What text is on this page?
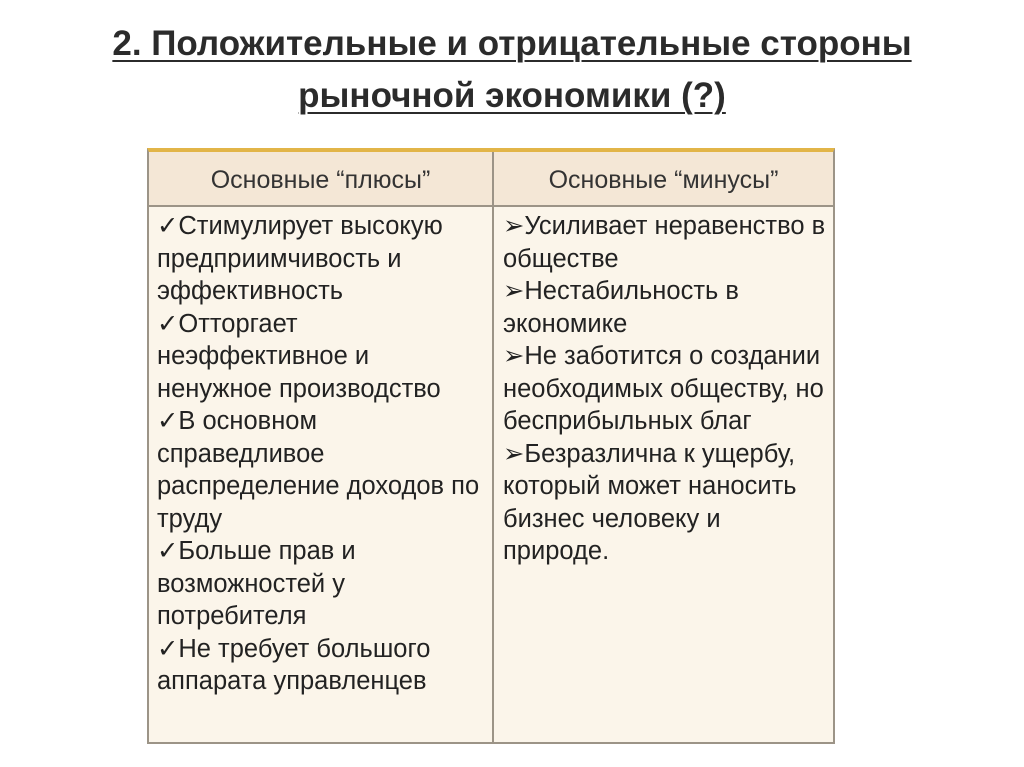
2. Положительные и отрицательные стороны
рыночной экономики (?)
Основные “плюсы”	Основные “минусы”

✓Стимулирует высокую предприимчивость и эффективность

✓Отторгает неэффективное и ненужное производство

✓В основном справедливое распределение доходов по труду

✓Больше прав и возможностей у потребителя

✓Не требует большого аппарата управленцев

➢Усиливает неравенство в обществе

➢Нестабильность в экономике

➢Не заботится о создании необходимых обществу, но бесприбыльных благ

➢Безразлична к ущербу, который может наносить бизнес человеку и природе.
